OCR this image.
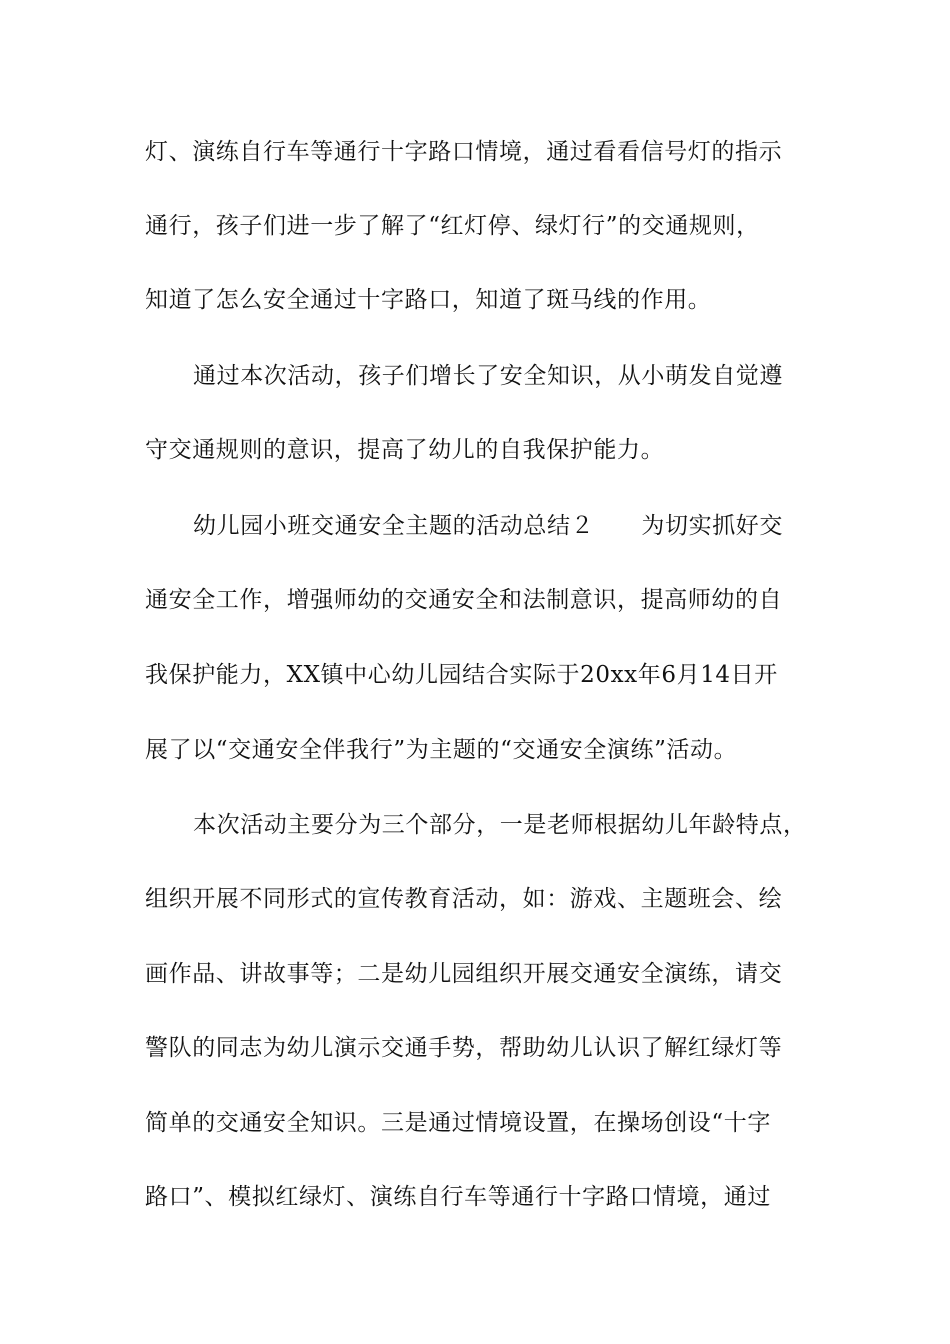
灯、演练自行车等通行十字路口情境，通过看看信号灯的指示
通行，孩子们进一步了解了“红灯停、绿灯行”的交通规则，
知道了怎么安全通过十字路口，知道了斑马线的作用。
通过本次活动，孩子们增长了安全知识，从小萌发自觉遵
守交通规则的意识，提高了幼儿的自我保护能力。
幼儿园小班交通安全主题的活动总结２　　为切实抓好交
通安全工作，增强师幼的交通安全和法制意识，提高师幼的自
我保护能力，XX镇中心幼儿园结合实际于20xx年6月14日开
展了以“交通安全伴我行”为主题的“交通安全演练”活动。
本次活动主要分为三个部分，一是老师根据幼儿年龄特点，
组织开展不同形式的宣传教育活动，如：游戏、主题班会、绘
画作品、讲故事等；二是幼儿园组织开展交通安全演练，请交
警队的同志为幼儿演示交通手势，帮助幼儿认识了解红绿灯等
简单的交通安全知识。三是通过情境设置，在操场创设“十字
路口”、模拟红绿灯、演练自行车等通行十字路口情境，通过
